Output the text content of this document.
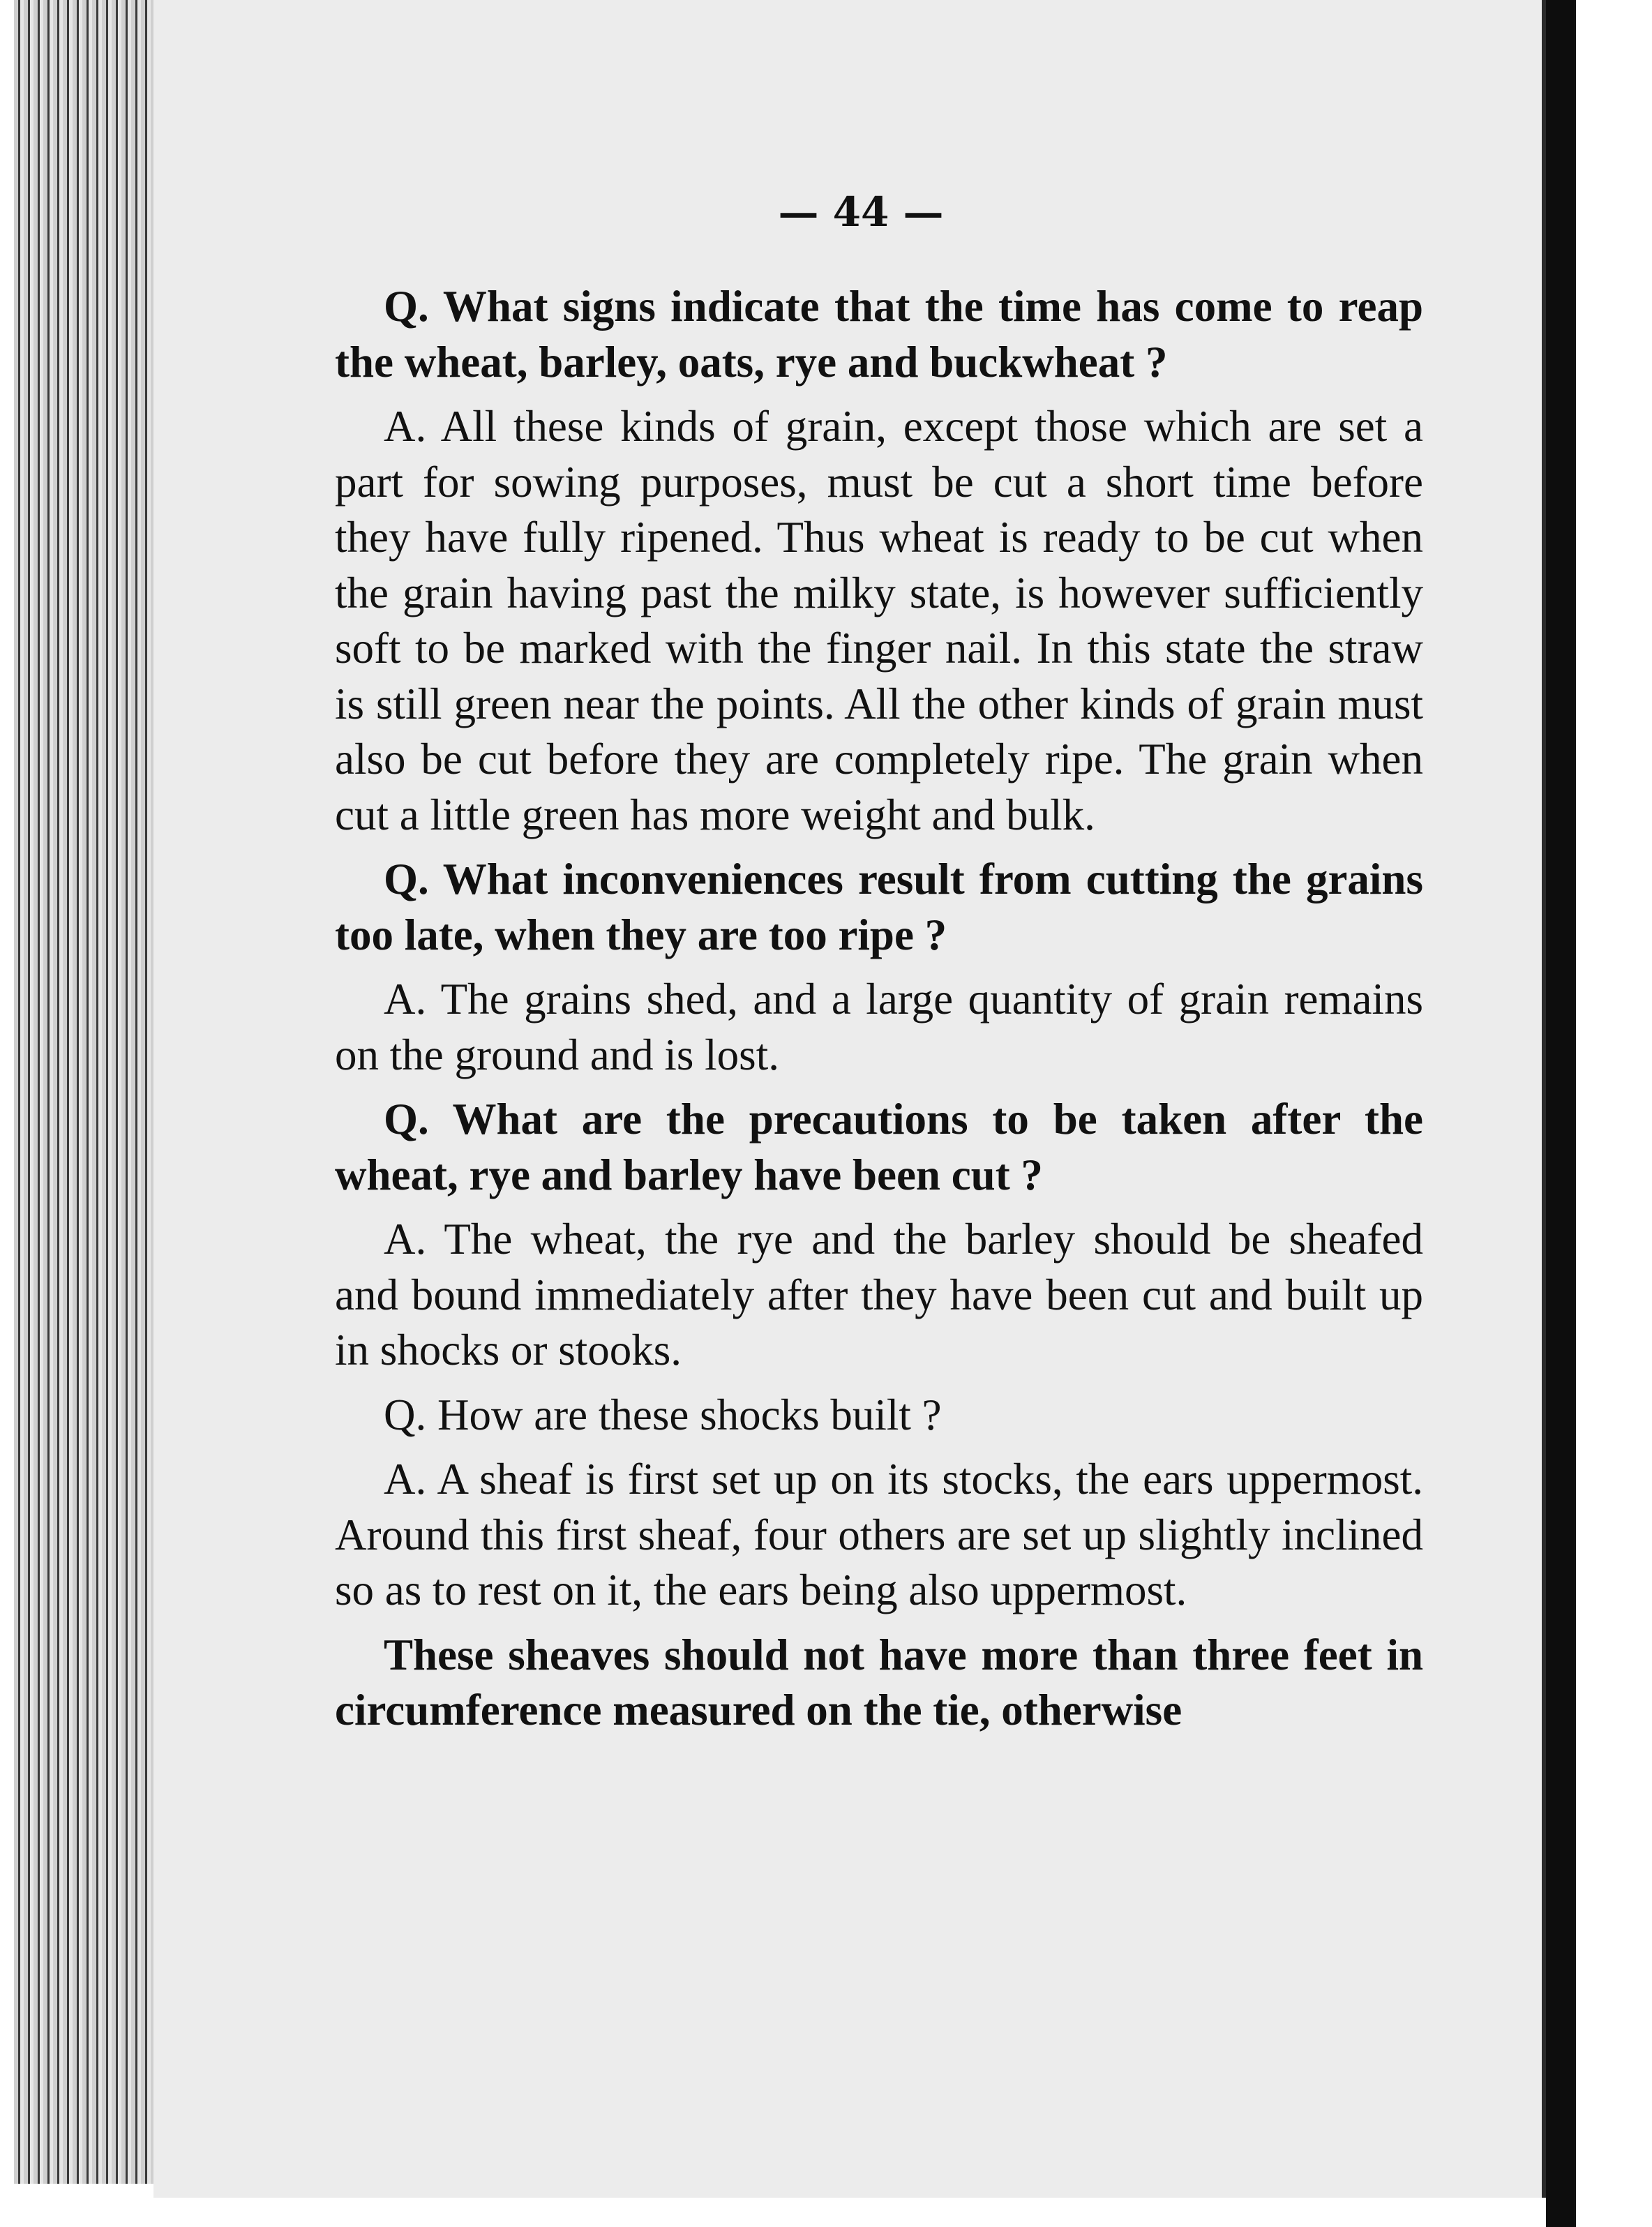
— 44 —

Q. What signs indicate that the time has come to reap the wheat, barley, oats, rye and buckwheat ?

A. All these kinds of grain, except those which are set a part for sowing purposes, must be cut a short time before they have fully ripened. Thus wheat is ready to be cut when the grain having past the milky state, is however sufficiently soft to be marked with the finger nail. In this state the straw is still green near the points. All the other kinds of grain must also be cut before they are completely ripe. The grain when cut a little green has more weight and bulk.

Q. What inconveniences result from cutting the grains too late, when they are too ripe ?

A. The grains shed, and a large quantity of grain remains on the ground and is lost.

Q. What are the precautions to be taken after the wheat, rye and barley have been cut ?

A. The wheat, the rye and the barley should be sheafed and bound immediately after they have been cut and built up in shocks or stooks.

Q. How are these shocks built ?

A. A sheaf is first set up on its stocks, the ears uppermost. Around this first sheaf, four others are set up slightly inclined so as to rest on it, the ears being also uppermost.

These sheaves should not have more than three feet in circumference measured on the tie, otherwise
